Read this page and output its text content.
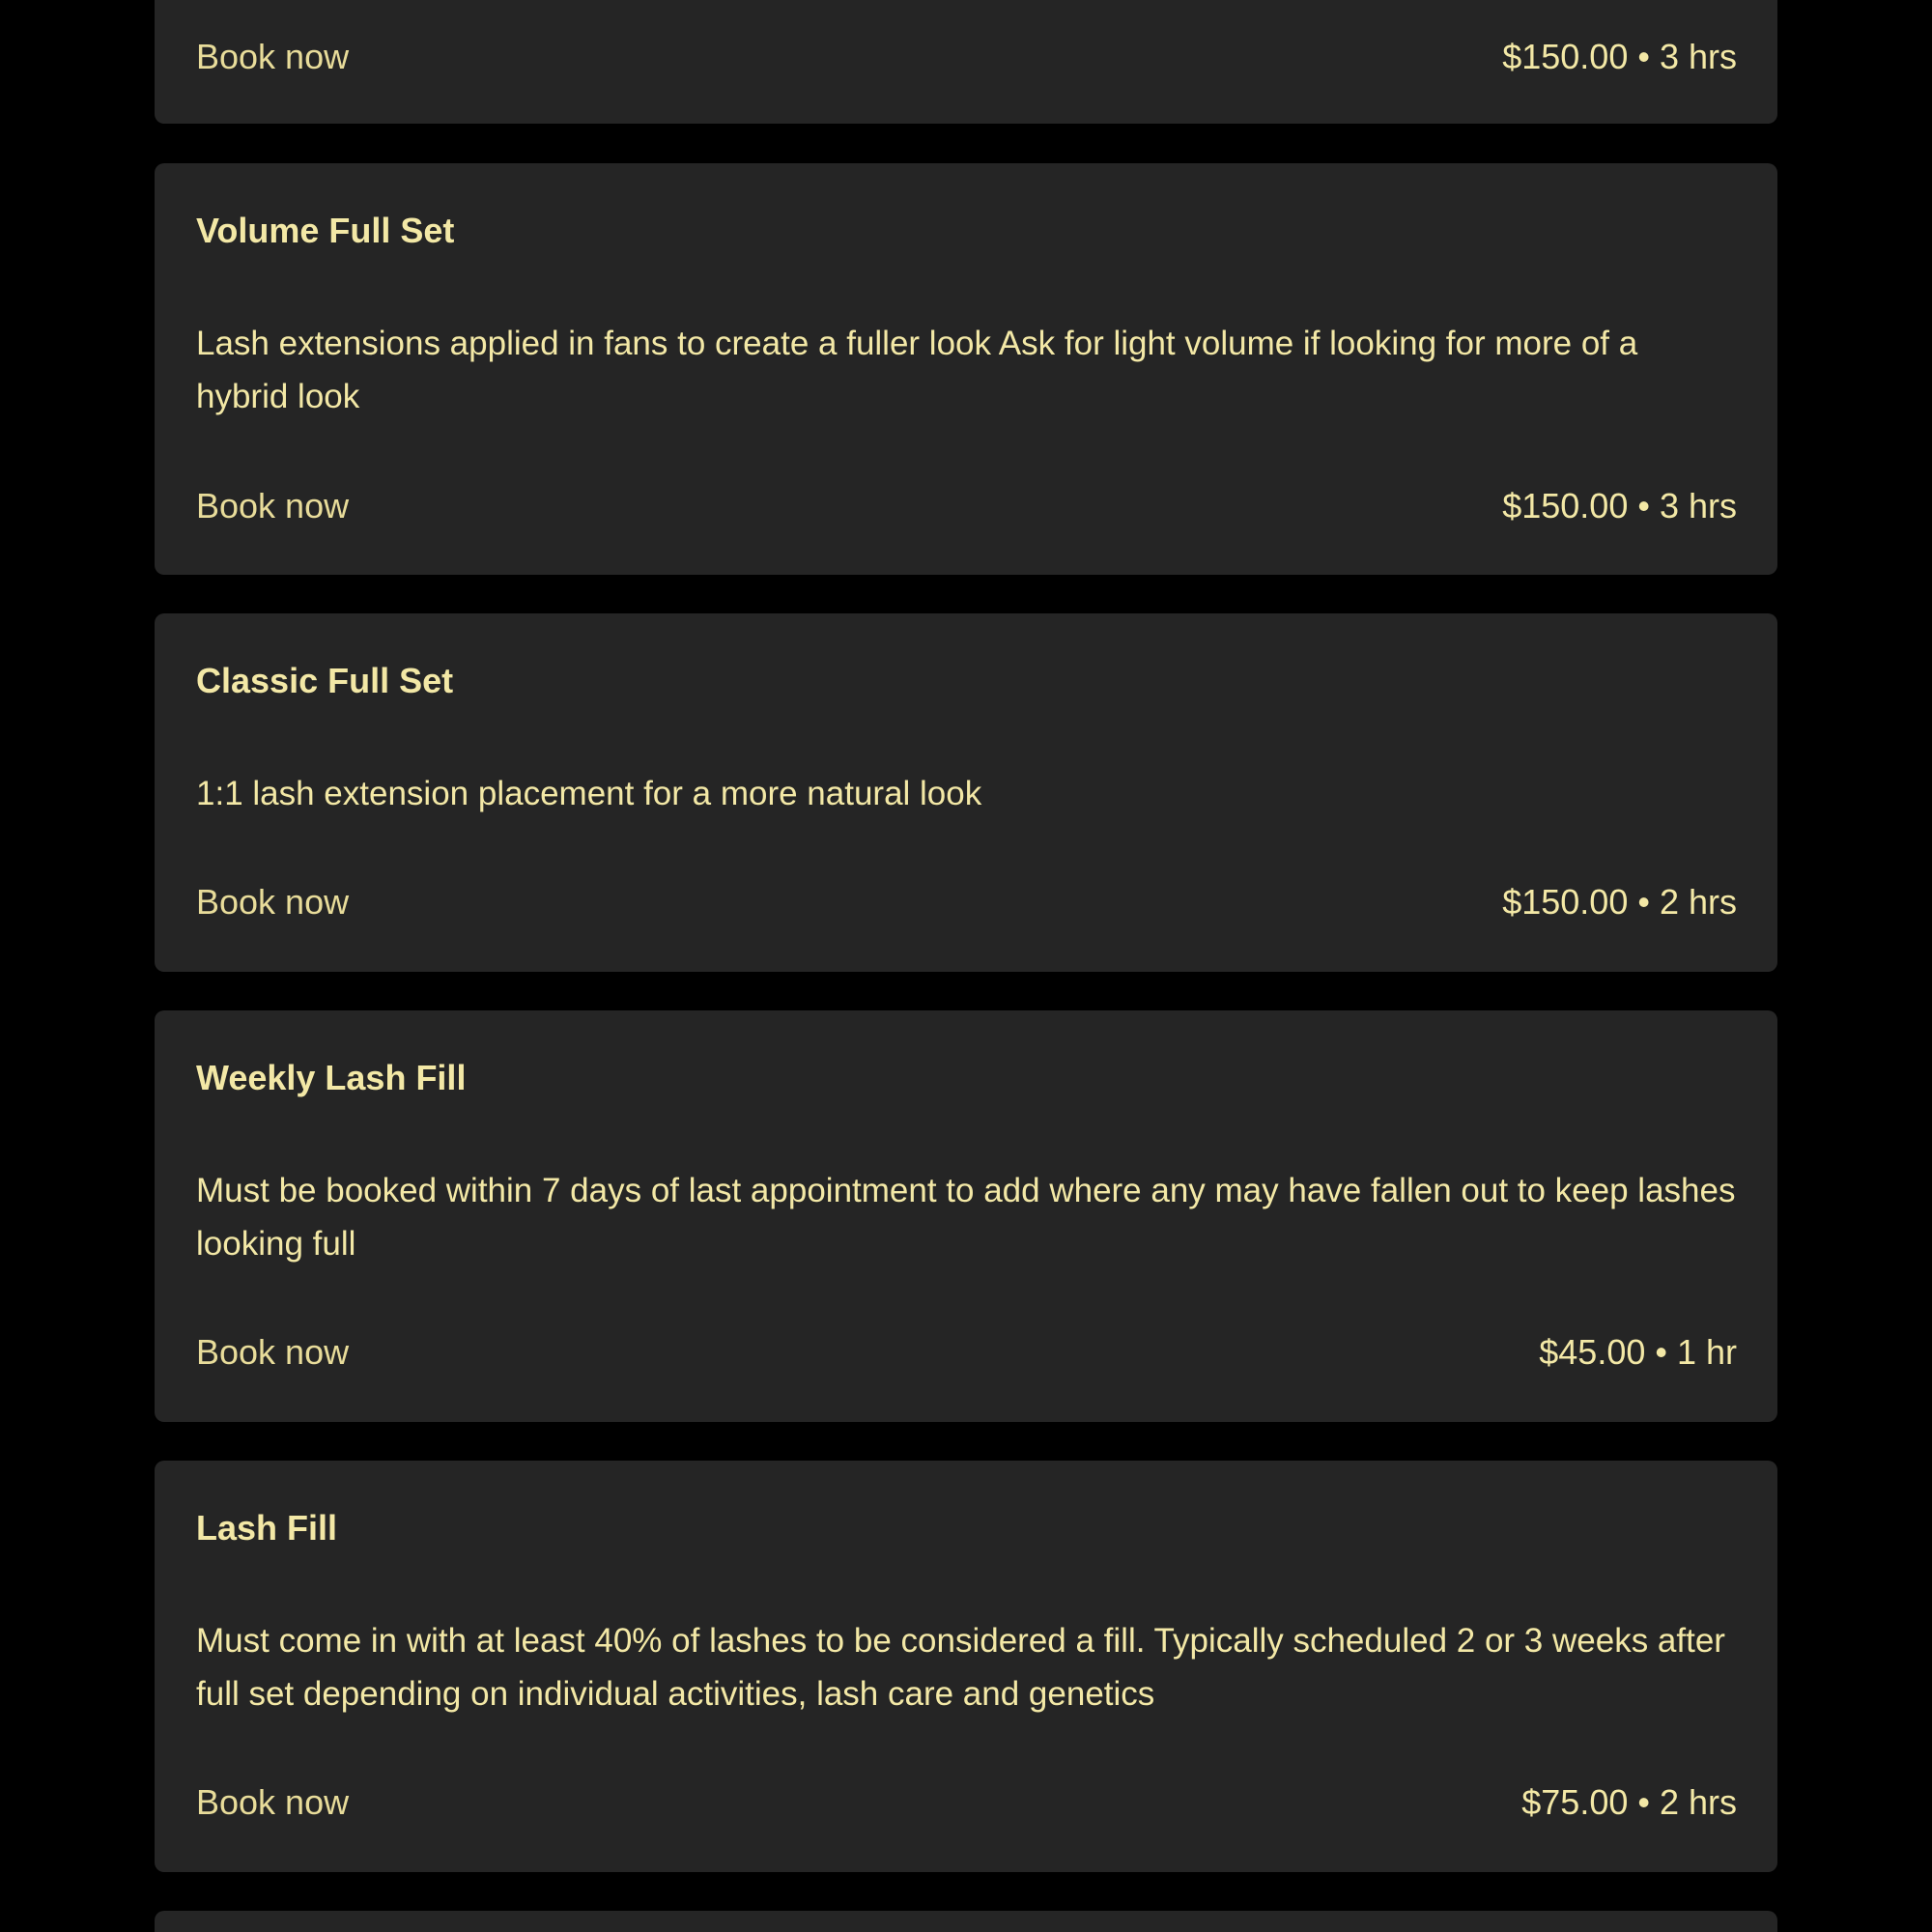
Book now	$150.00 • 3 hrs
Volume Full Set

Lash extensions applied in fans to create a fuller look Ask for light volume if looking for more of a hybrid look

Book now	$150.00 • 3 hrs
Classic Full Set

1:1 lash extension placement for a more natural look

Book now	$150.00 • 2 hrs
Weekly Lash Fill

Must be booked within 7 days of last appointment to add where any may have fallen out to keep lashes looking full

Book now	$45.00 • 1 hr
Lash Fill

Must come in with at least 40% of lashes to be considered a fill. Typically scheduled 2 or 3 weeks after full set depending on individual activities, lash care and genetics

Book now	$75.00 • 2 hrs
